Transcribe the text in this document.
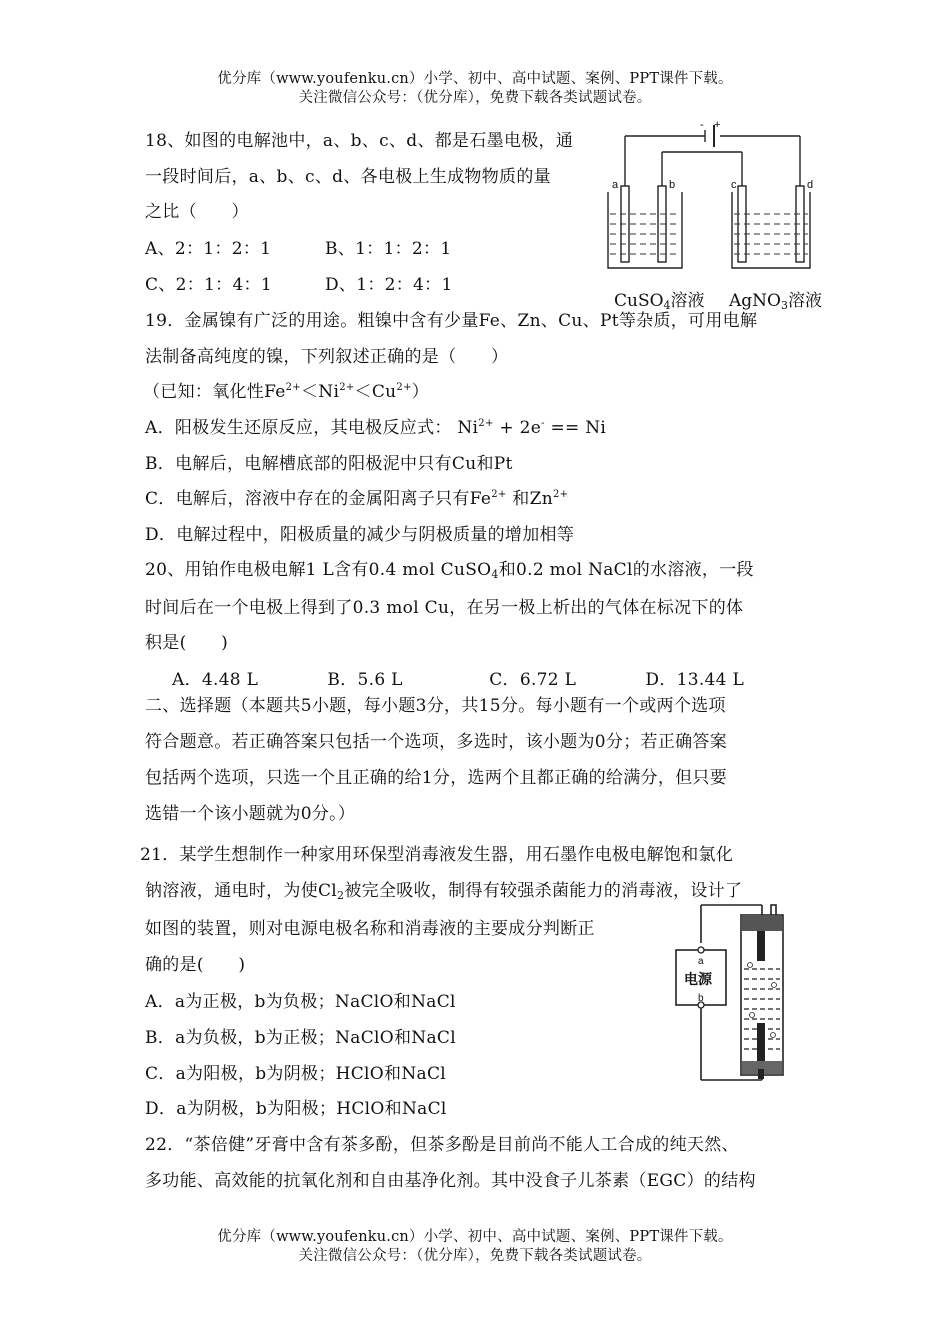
优分库（www.youfenku.cn）小学、初中、高中试题、案例、PPT课件下载。
关注微信公众号：（优分库），免费下载各类试题试卷。
18、如图的电解池中，a、b、c、d、都是石墨电极，通
一段时间后，a、b、c、d、各电极上生成物物质的量
之比（　　）
A、2：1：2：1	B、1：1：2：1
C、2：1：4：1	D、1：2：4：1
- +
a	b	c	d
CuSO$_4$溶液 AgNO$_3$溶液
19．金属镍有广泛的用途。粗镍中含有少量Fe、Zn、Cu、Pt等杂质，可用电解
法制备高纯度的镍，下列叙述正确的是（　　）
（已知：氧化性$Fe^{2+}<Ni^{2+}<Cu^{2+}$）
A．阳极发生还原反应，其电极反应式： $Ni^{2+} + 2e^- == Ni$
B．电解后，电解槽底部的阳极泥中只有Cu和Pt
C．电解后，溶液中存在的金属阳离子只有$Fe^{2+}$ 和$Zn^{2+}$
D．电解过程中，阳极质量的减少与阴极质量的增加相等
20、用铂作电极电解1 L含有0.4 mol CuSO$_4$和0.2 mol NaCl的水溶液，一段
时间后在一个电极上得到了0.3 mol Cu，在另一极上析出的气体在标况下的体
积是(　　)
A．4.48 L　　　　B．5.6 L　　　　　C．6.72 L　　　　D．13.44 L
二、选择题（本题共5小题，每小题3分，共15分。每小题有一个或两个选项
符合题意。若正确答案只包括一个选项，多选时，该小题为0分；若正确答案
包括两个选项，只选一个且正确的给1分，选两个且都正确的给满分，但只要
选错一个该小题就为0分。）
21．某学生想制作一种家用环保型消毒液发生器，用石墨作电极电解饱和氯化
钠溶液，通电时，为使$Cl_2$被完全吸收，制得有较强杀菌能力的消毒液，设计了
如图的装置，则对电源电极名称和消毒液的主要成分判断正
确的是(　　)
A．a为正极，b为负极；NaClO和NaCl
B．a为负极，b为正极；NaClO和NaCl
C．a为阳极，b为阴极；HClO和NaCl
D．a为阴极，b为阳极；HClO和NaCl
a
电源
b
22．“茶倍健”牙膏中含有茶多酚，但茶多酚是目前尚不能人工合成的纯天然、
多功能、高效能的抗氧化剂和自由基净化剂。其中没食子儿茶素（EGC）的结构
优分库（www.youfenku.cn）小学、初中、高中试题、案例、PPT课件下载。
关注微信公众号：（优分库），免费下载各类试题试卷。
